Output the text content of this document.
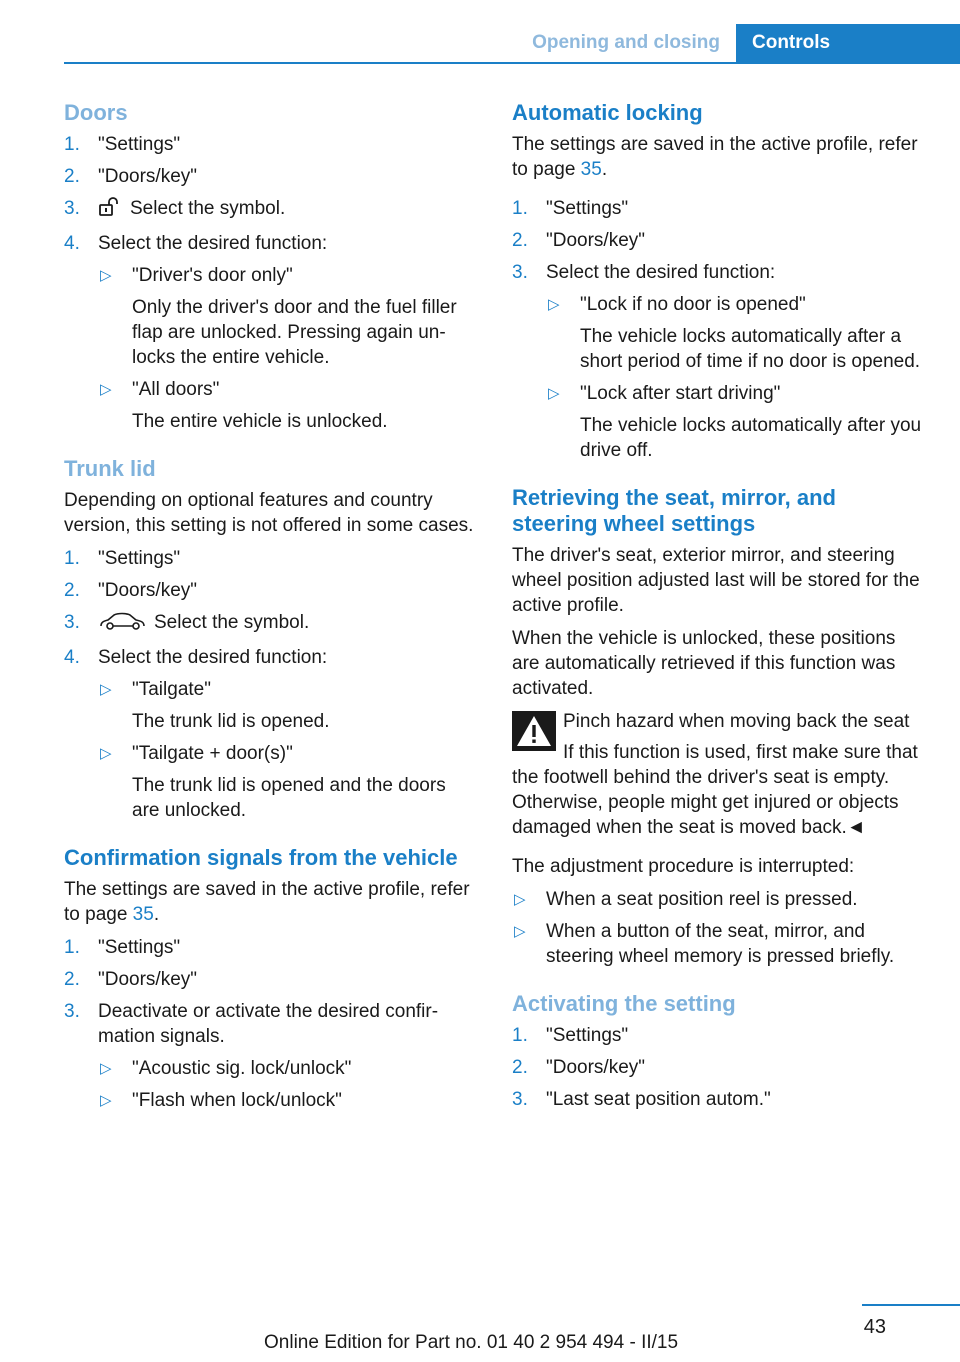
Opening and closing	Controls
Doors
1. "Settings"
2. "Doors/key"
3.	Select the symbol.
4. Select the desired function:
▷ "Driver's door only"
Only the driver's door and the fuel filler flap are unlocked. Pressing again unlocks the entire vehicle.
▷ "All doors"
The entire vehicle is unlocked.
Trunk lid

Depending on optional features and country version, this setting is not offered in some cases.

1. "Settings"
2. "Doors/key"
3.	Select the symbol.
4. Select the desired function:
▷ "Tailgate"
The trunk lid is opened.
▷ "Tailgate + door(s)"
The trunk lid is opened and the doors are unlocked.
Confirmation signals from the vehicle

The settings are saved in the active profile, refer to page 35.

1. "Settings"
2. "Doors/key"
3. Deactivate or activate the desired confirmation signals.
▷ "Acoustic sig. lock/unlock"
▷ "Flash when lock/unlock"
Automatic locking

The settings are saved in the active profile, refer to page 35.

1. "Settings"
2. "Doors/key"
3. Select the desired function:
▷ "Lock if no door is opened"
The vehicle locks automatically after a short period of time if no door is opened.
▷ "Lock after start driving"
The vehicle locks automatically after you drive off.
Retrieving the seat, mirror, and steering wheel settings

The driver's seat, exterior mirror, and steering wheel position adjusted last will be stored for the active profile.

When the vehicle is unlocked, these positions are automatically retrieved if this function was activated.

Pinch hazard when moving back the seat
If this function is used, first make sure that the footwell behind the driver's seat is empty. Otherwise, people might get injured or objects damaged when the seat is moved back.◄

The adjustment procedure is interrupted:

▷ When a seat position reel is pressed.
▷ When a button of the seat, mirror, and steering wheel memory is pressed briefly.
Activating the setting
1. "Settings"
2. "Doors/key"
3. "Last seat position autom."
43
Online Edition for Part no. 01 40 2 954 494 - II/15
